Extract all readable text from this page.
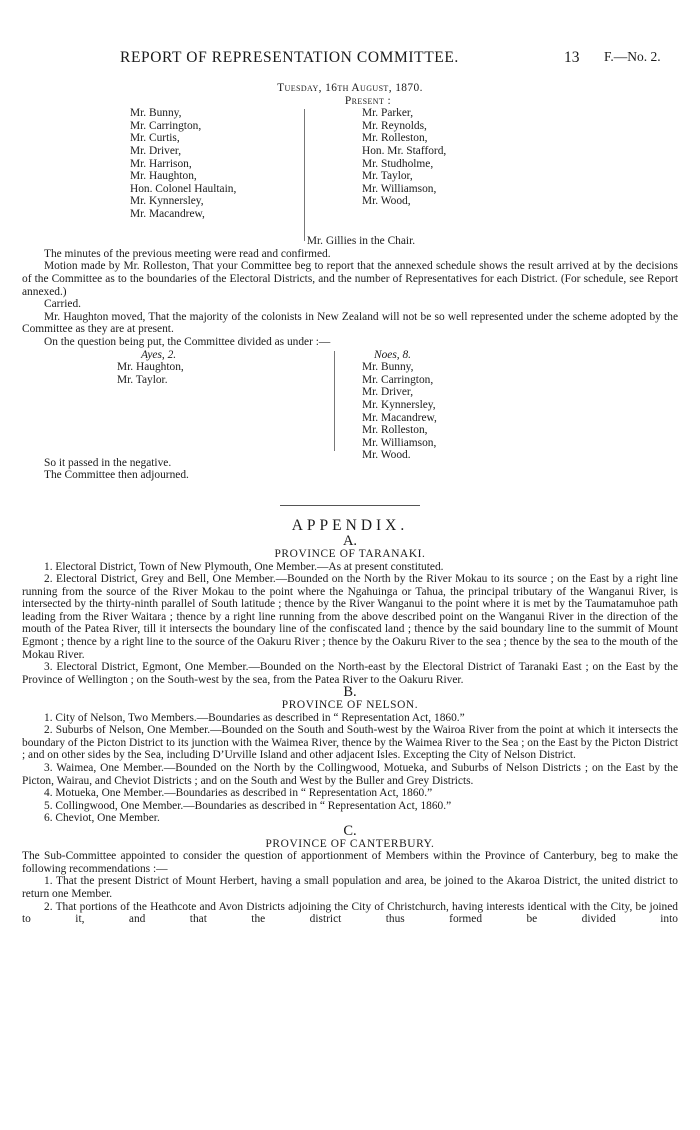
REPORT OF REPRESENTATION COMMITTEE.	13 F.—No. 2.

Tuesday, 16th August, 1870.

Present :

Mr. Bunny,
Mr. Carrington,
Mr. Curtis,
Mr. Driver,
Mr. Harrison,
Mr. Haughton,
Hon. Colonel Haultain,
Mr. Kynnersley,
Mr. Macandrew,
Mr. Parker,
Mr. Reynolds,
Mr. Rolleston,
Hon. Mr. Stafford,
Mr. Studholme,
Mr. Taylor,
Mr. Williamson,
Mr. Wood,

Mr. Gillies in the Chair.

The minutes of the previous meeting were read and confirmed.

Motion made by Mr. Rolleston, That your Committee beg to report that the annexed schedule shows the result arrived at by the decisions of the Committee as to the boundaries of the Electoral Districts, and the number of Representatives for each District. (For schedule, see Report annexed.)

Carried.

Mr. Haughton moved, That the majority of the colonists in New Zealand will not be so well represented under the scheme adopted by the Committee as they are at present.

On the question being put, the Committee divided as under :—

Ayes, 2.

Mr. Haughton,
Mr. Taylor.

Noes, 8.

Mr. Bunny,
Mr. Carrington,
Mr. Driver,
Mr. Kynnersley,
Mr. Macandrew,
Mr. Rolleston,
Mr. Williamson,
Mr. Wood.

So it passed in the negative.

The Committee then adjourned.

APPENDIX.

A.

PROVINCE OF TARANAKI.

1. Electoral District, Town of New Plymouth, One Member.—As at present constituted.

2. Electoral District, Grey and Bell, One Member.—Bounded on the North by the River Mokau to its source ; on the East by a right line running from the source of the River Mokau to the point where the Ngahuinga or Tahua, the principal tributary of the Wanganui River, is intersected by the thirty-ninth parallel of South latitude ; thence by the River Wanganui to the point where it is met by the Taumatamuhoe path leading from the River Waitara ; thence by a right line running from the above described point on the Wanganui River in the direction of the mouth of the Patea River, till it intersects the boundary line of the confiscated land ; thence by the said boundary line to the summit of Mount Egmont ; thence by a right line to the source of the Oakuru River ; thence by the Oakuru River to the sea ; thence by the sea to the mouth of the Mokau River.

3. Electoral District, Egmont, One Member.—Bounded on the North-east by the Electoral District of Taranaki East ; on the East by the Province of Wellington ; on the South-west by the sea, from the Patea River to the Oakuru River.

B.

PROVINCE OF NELSON.

1. City of Nelson, Two Members.—Boundaries as described in “ Representation Act, 1860.”

2. Suburbs of Nelson, One Member.—Bounded on the South and South-west by the Wairoa River from the point at which it intersects the boundary of the Picton District to its junction with the Waimea River, thence by the Waimea River to the Sea ; on the East by the Picton District ; and on other sides by the Sea, including D’Urville Island and other adjacent Isles. Excepting the City of Nelson District.

3. Waimea, One Member.—Bounded on the North by the Collingwood, Motueka, and Suburbs of Nelson Districts ; on the East by the Picton, Wairau, and Cheviot Districts ; and on the South and West by the Buller and Grey Districts.

4. Motueka, One Member.—Boundaries as described in “ Representation Act, 1860.”

5. Collingwood, One Member.—Boundaries as described in “ Representation Act, 1860.”

6. Cheviot, One Member.

C.

PROVINCE OF CANTERBURY.

The Sub-Committee appointed to consider the question of apportionment of Members within the Province of Canterbury, beg to make the following recommendations :—

1. That the present District of Mount Herbert, having a small population and area, be joined to the Akaroa District, the united district to return one Member.

2. That portions of the Heathcote and Avon Districts adjoining the City of Christchurch, having interests identical with the City, be joined to it, and that the district thus formed be divided into
